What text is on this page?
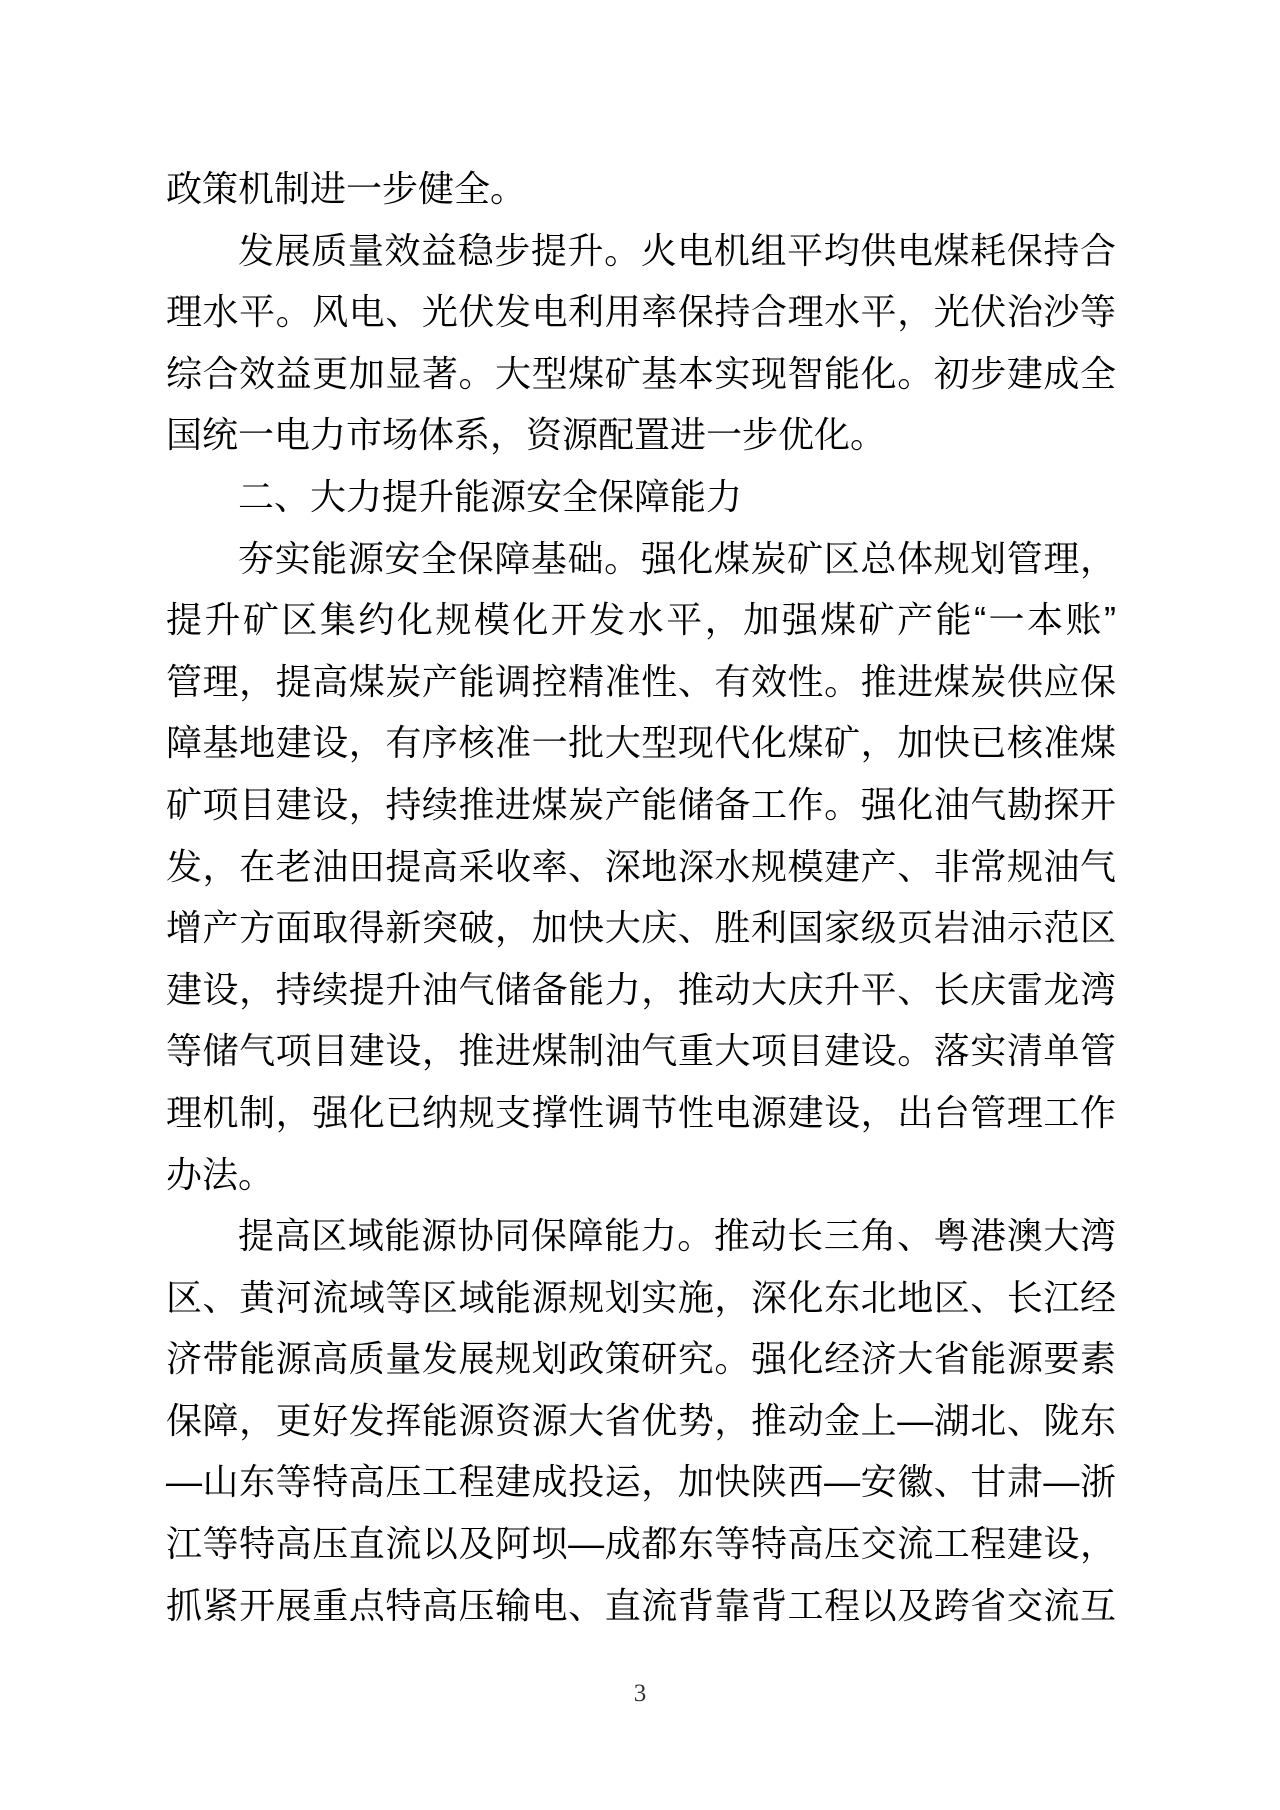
政策机制进一步健全。
发展质量效益稳步提升。火电机组平均供电煤耗保持合
理水平。风电、光伏发电利用率保持合理水平，光伏治沙等
综合效益更加显著。大型煤矿基本实现智能化。初步建成全
国统一电力市场体系，资源配置进一步优化。
二、大力提升能源安全保障能力
夯实能源安全保障基础。强化煤炭矿区总体规划管理，
提升矿区集约化规模化开发水平，加强煤矿产能“一本账”
管理，提高煤炭产能调控精准性、有效性。推进煤炭供应保
障基地建设，有序核准一批大型现代化煤矿，加快已核准煤
矿项目建设，持续推进煤炭产能储备工作。强化油气勘探开
发，在老油田提高采收率、深地深水规模建产、非常规油气
增产方面取得新突破，加快大庆、胜利国家级页岩油示范区
建设，持续提升油气储备能力，推动大庆升平、长庆雷龙湾
等储气项目建设，推进煤制油气重大项目建设。落实清单管
理机制，强化已纳规支撑性调节性电源建设，出台管理工作
办法。
提高区域能源协同保障能力。推动长三角、粤港澳大湾
区、黄河流域等区域能源规划实施，深化东北地区、长江经
济带能源高质量发展规划政策研究。强化经济大省能源要素
保障，更好发挥能源资源大省优势，推动金上—湖北、陇东
—山东等特高压工程建成投运，加快陕西—安徽、甘肃—浙
江等特高压直流以及阿坝—成都东等特高压交流工程建设，
抓紧开展重点特高压输电、直流背靠背工程以及跨省交流互
3
